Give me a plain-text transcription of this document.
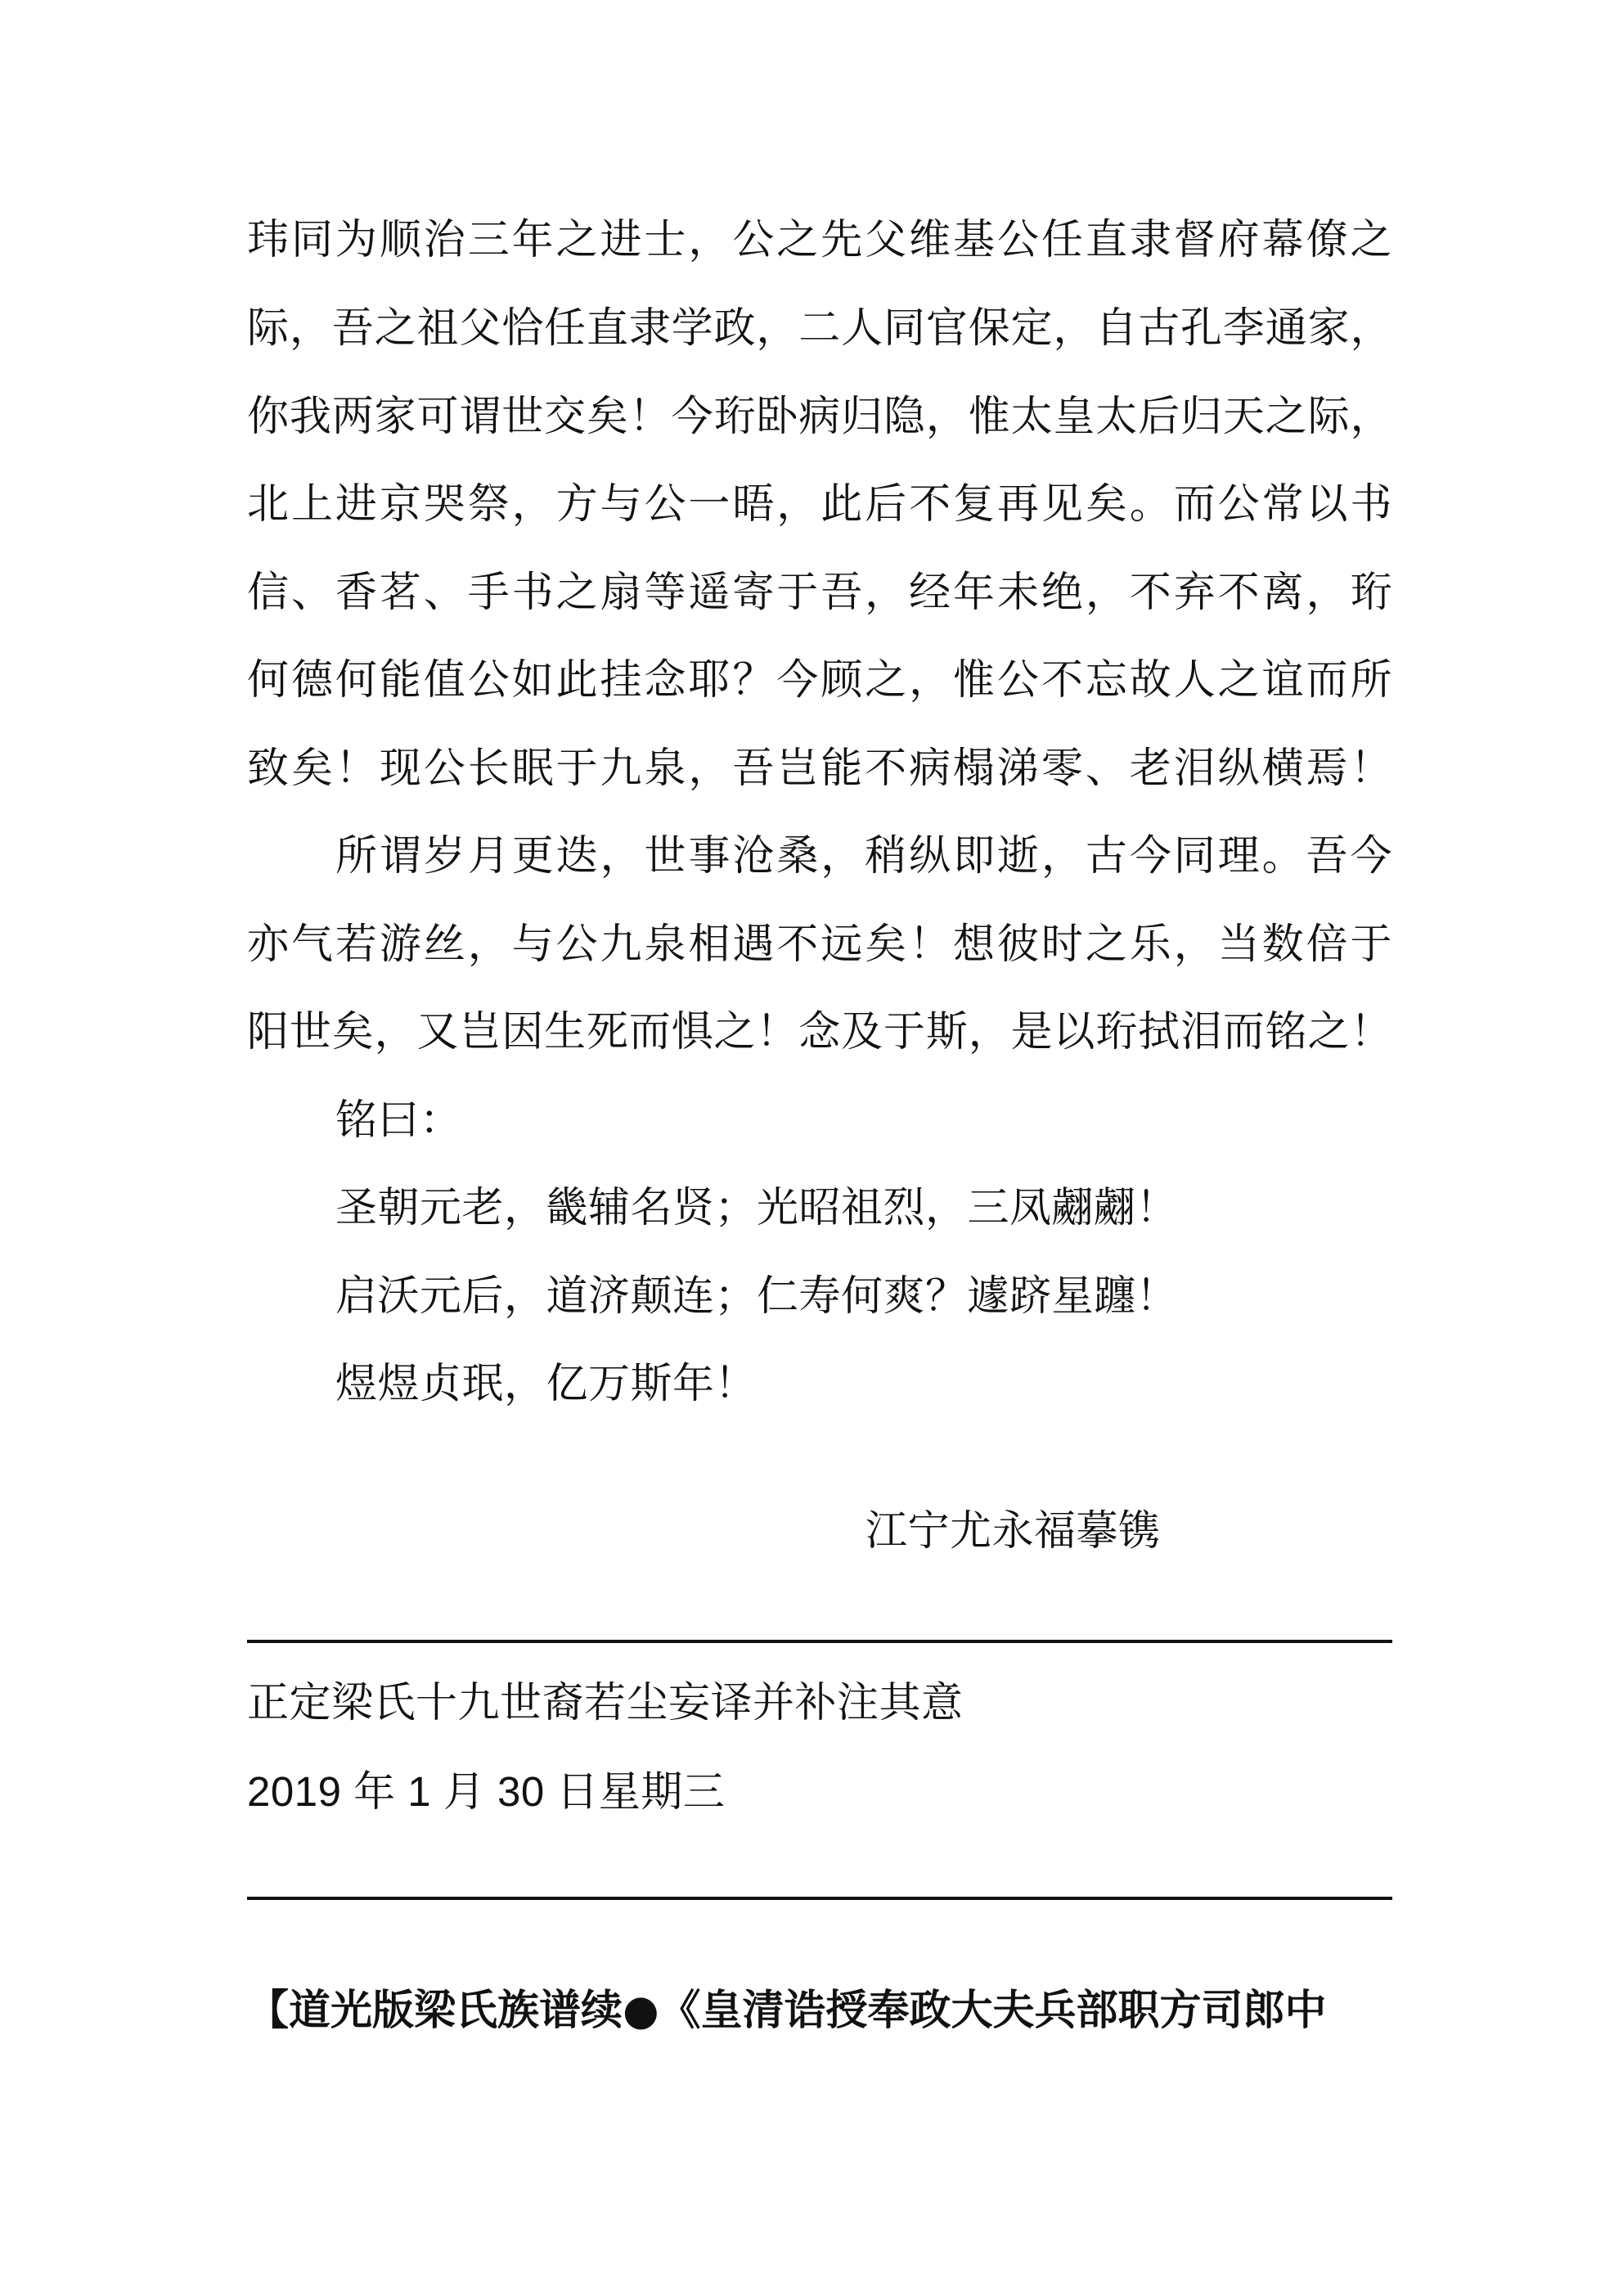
玮同为顺治三年之进士，公之先父维基公任直隶督府幕僚之
际，吾之祖父恰任直隶学政，二人同官保定，自古孔李通家，
你我两家可谓世交矣！今珩卧病归隐，惟太皇太后归天之际，
北上进京哭祭，方与公一晤，此后不复再见矣。而公常以书
信、香茗、手书之扇等遥寄于吾，经年未绝，不弃不离，珩
何德何能值公如此挂念耶？今顾之，惟公不忘故人之谊而所
致矣！现公长眠于九泉，吾岂能不病榻涕零、老泪纵横焉！
所谓岁月更迭，世事沧桑，稍纵即逝，古今同理。吾今
亦气若游丝，与公九泉相遇不远矣！想彼时之乐，当数倍于
阳世矣，又岂因生死而惧之！念及于斯，是以珩拭泪而铭之！
铭曰：
圣朝元老，畿辅名贤；光昭祖烈，三凤翽翽！
启沃元后，道济颠连；仁寿何爽？遽跻星躔！
煜煜贞珉，亿万斯年！
江宁尤永福摹镌
正定梁氏十九世裔若尘妄译并补注其意
2019 年 1 月 30 日星期三
【道光版梁氏族谱续●《皇清诰授奉政大夫兵部职方司郎中
